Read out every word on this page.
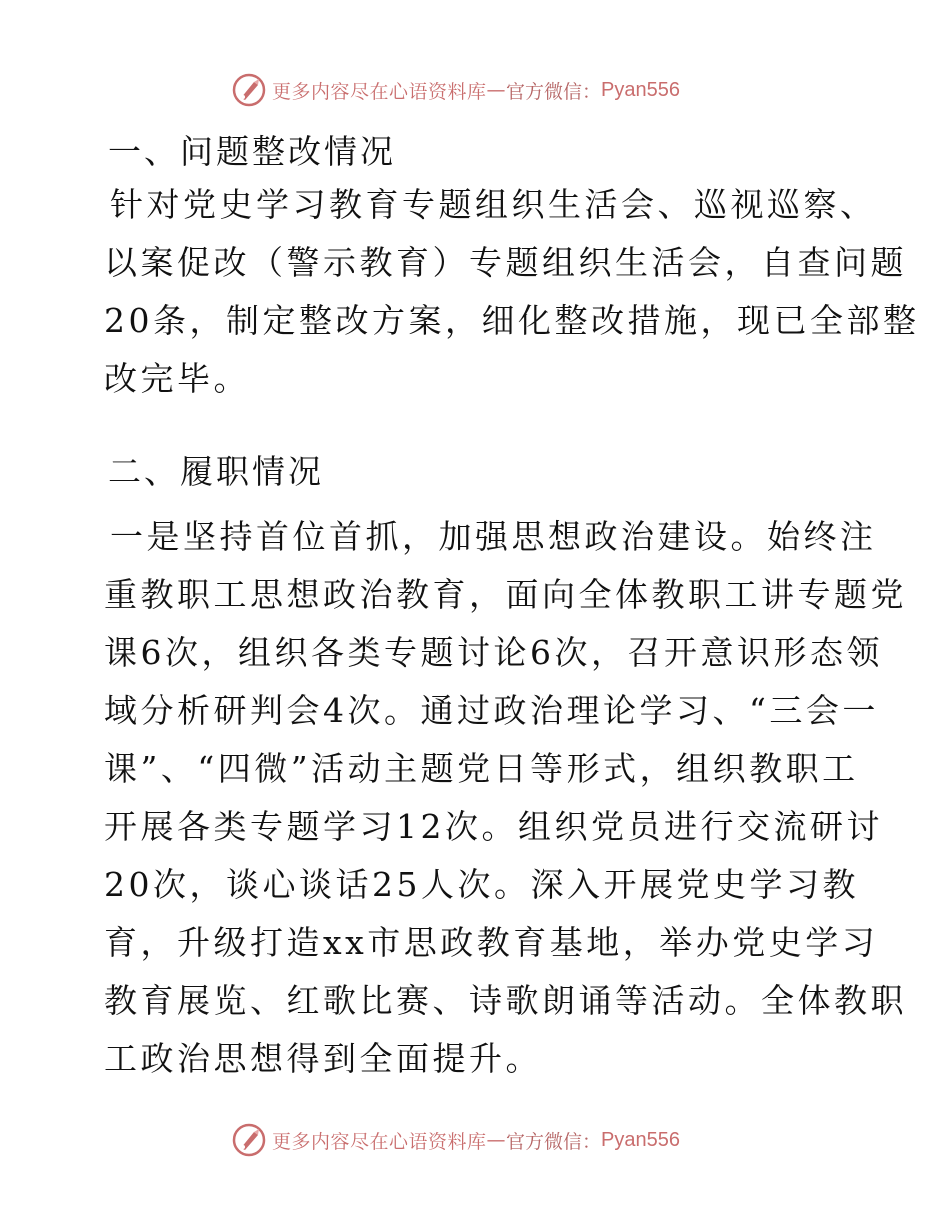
更多内容尽在心语资料库 — 官方微信： Pyan556
一、问题整改情况
针对党史学习教育专题组织生活会、巡视巡察、
以案促改（警示教育）专题组织生活会，自查问题
20条，制定整改方案，细化整改措施，现已全部整
改完毕。
二、履职情况
一是坚持首位首抓，加强思想政治建设。始终注
重教职工思想政治教育，面向全体教职工讲专题党
课6次，组织各类专题讨论6次，召开意识形态领
域分析研判会4次。通过政治理论学习、“三会一
课”、“四微”活动主题党日等形式，组织教职工
开展各类专题学习12次。组织党员进行交流研讨
20次，谈心谈话25人次。深入开展党史学习教
育，升级打造xx市思政教育基地，举办党史学习
教育展览、红歌比赛、诗歌朗诵等活动。全体教职
工政治思想得到全面提升。
更多内容尽在心语资料库 — 官方微信： Pyan556
